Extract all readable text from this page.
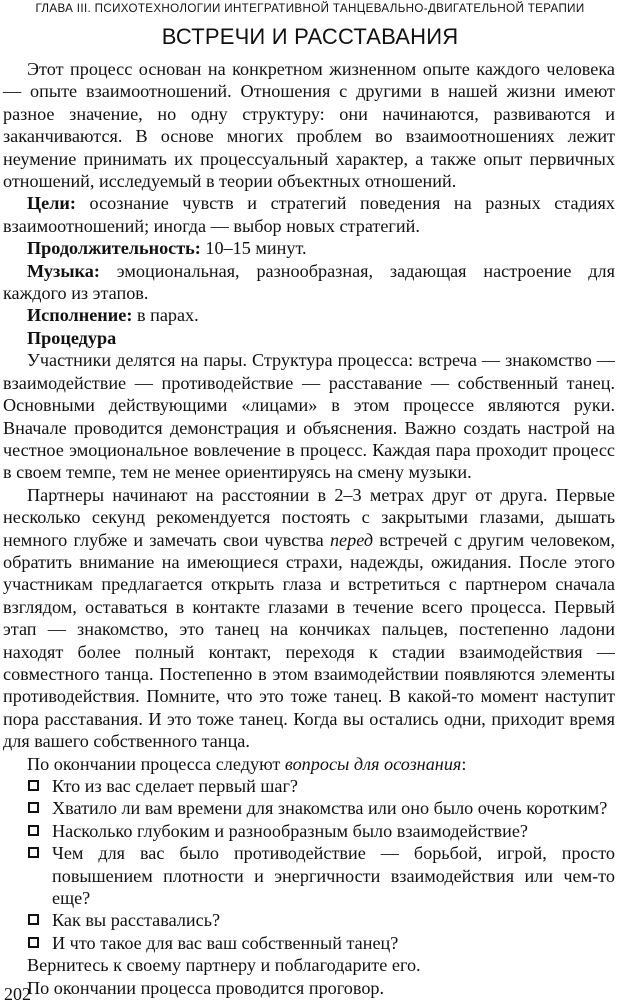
ГЛАВА III. ПСИХОТЕХНОЛОГИИ ИНТЕГРАТИВНОЙ ТАНЦЕВАЛЬНО-ДВИГАТЕЛЬНОЙ ТЕРАПИИ
ВСТРЕЧИ И РАССТАВАНИЯ

Этот процесс основан на конкретном жизненном опыте каждого человека — опыте взаимоотношений. Отношения с другими в нашей жизни имеют разное значение, но одну структуру: они начинаются, развиваются и заканчиваются. В основе многих проблем во взаимоотношениях лежит неумение принимать их процессуальный характер, а также опыт первичных отношений, исследуемый в теории объектных отношений.

Цели: осознание чувств и стратегий поведения на разных стадиях взаимоотношений; иногда — выбор новых стратегий.

Продолжительность: 10–15 минут.

Музыка: эмоциональная, разнообразная, задающая настроение для каждого из этапов.

Исполнение: в парах.

Процедура

Участники делятся на пары. Структура процесса: встреча — знакомство — взаимодействие — противодействие — расставание — собственный танец. Основными действующими «лицами» в этом процессе являются руки. Вначале проводится демонстрация и объяснения. Важно создать настрой на честное эмоциональное вовлечение в процесс. Каждая пара проходит процесс в своем темпе, тем не менее ориентируясь на смену музыки.

Партнеры начинают на расстоянии в 2–3 метрах друг от друга. Первые несколько секунд рекомендуется постоять с закрытыми глазами, дышать немного глубже и замечать свои чувства перед встречей с другим человеком, обратить внимание на имеющиеся страхи, надежды, ожидания. После этого участникам предлагается открыть глаза и встретиться с партнером сначала взглядом, оставаться в контакте глазами в течение всего процесса. Первый этап — знакомство, это танец на кончиках пальцев, постепенно ладони находят более полный контакт, переходя к стадии взаимодействия — совместного танца. Постепенно в этом взаимодействии появляются элементы противодействия. Помните, что это тоже танец. В какой-то момент наступит пора расставания. И это тоже танец. Когда вы остались одни, приходит время для вашего собственного танца.

По окончании процесса следуют вопросы для осознания:

Кто из вас сделает первый шаг?
Хватило ли вам времени для знакомства или оно было очень коротким?
Насколько глубоким и разнообразным было взаимодействие?
Чем для вас было противодействие — борьбой, игрой, просто повышением плотности и энергичности взаимодействия или чем-то еще?
Как вы расставались?
И что такое для вас ваш собственный танец?

Вернитесь к своему партнеру и поблагодарите его.

По окончании процесса проводится проговор.

202
